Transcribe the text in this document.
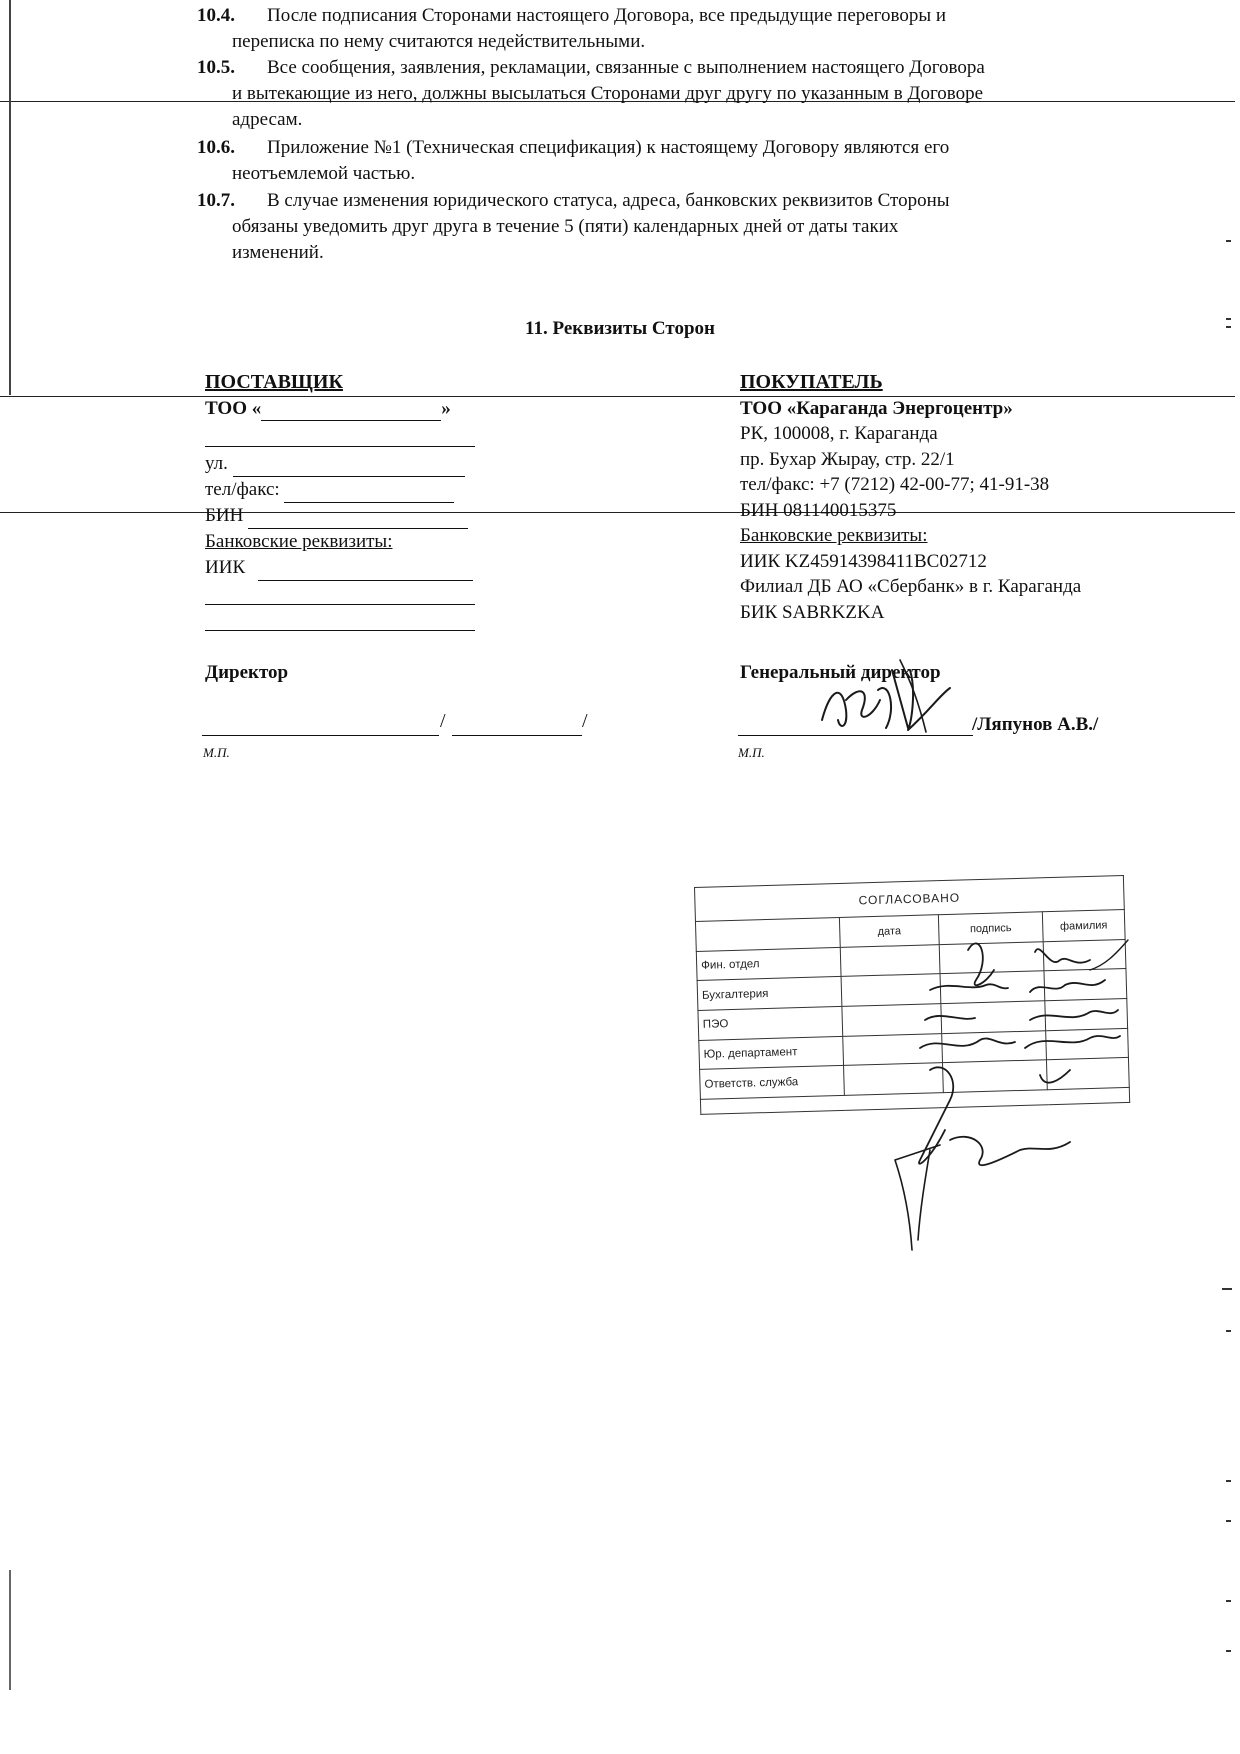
10.4. После подписания Сторонами настоящего Договора, все предыдущие переговоры и
переписка по нему считаются недействительными.
10.5. Все сообщения, заявления, рекламации, связанные с выполнением настоящего Договора
и вытекающие из него, должны высылаться Сторонами друг другу по указанным в Договоре
адресам.
10.6. Приложение №1 (Техническая спецификация) к настоящему Договору являются его
неотъемлемой частью.
10.7. В случае изменения юридического статуса, адреса, банковских реквизитов Стороны
обязаны уведомить друг друга в течение 5 (пяти) календарных дней от даты таких
изменений.
11. Реквизиты Сторон
ПОСТАВЩИК
ТОО «	»
ул.
тел/факс:
БИН
Банковские реквизиты:
ИИК
Директор
/	/
М.П.
ПОКУПАТЕЛЬ
ТОО «Караганда Энергоцентр»
РК, 100008, г. Караганда
пр. Бухар Жырау, стр. 22/1
тел/факс: +7 (7212) 42-00-77; 41-91-38
БИН 081140015375
Банковские реквизиты:
ИИК KZ45914398411BC02712
Филиал ДБ АО «Сбербанк» в г. Караганда
БИК SABRKZKA
Генеральный директор
/Ляпунов А.В./
М.П.
СОГЛАСОВАНО			
	дата	подпись	фамилия
Фин. отдел			
Бухгалтерия			
ПЭО			
Юр. департамент			
Ответств. служба			
